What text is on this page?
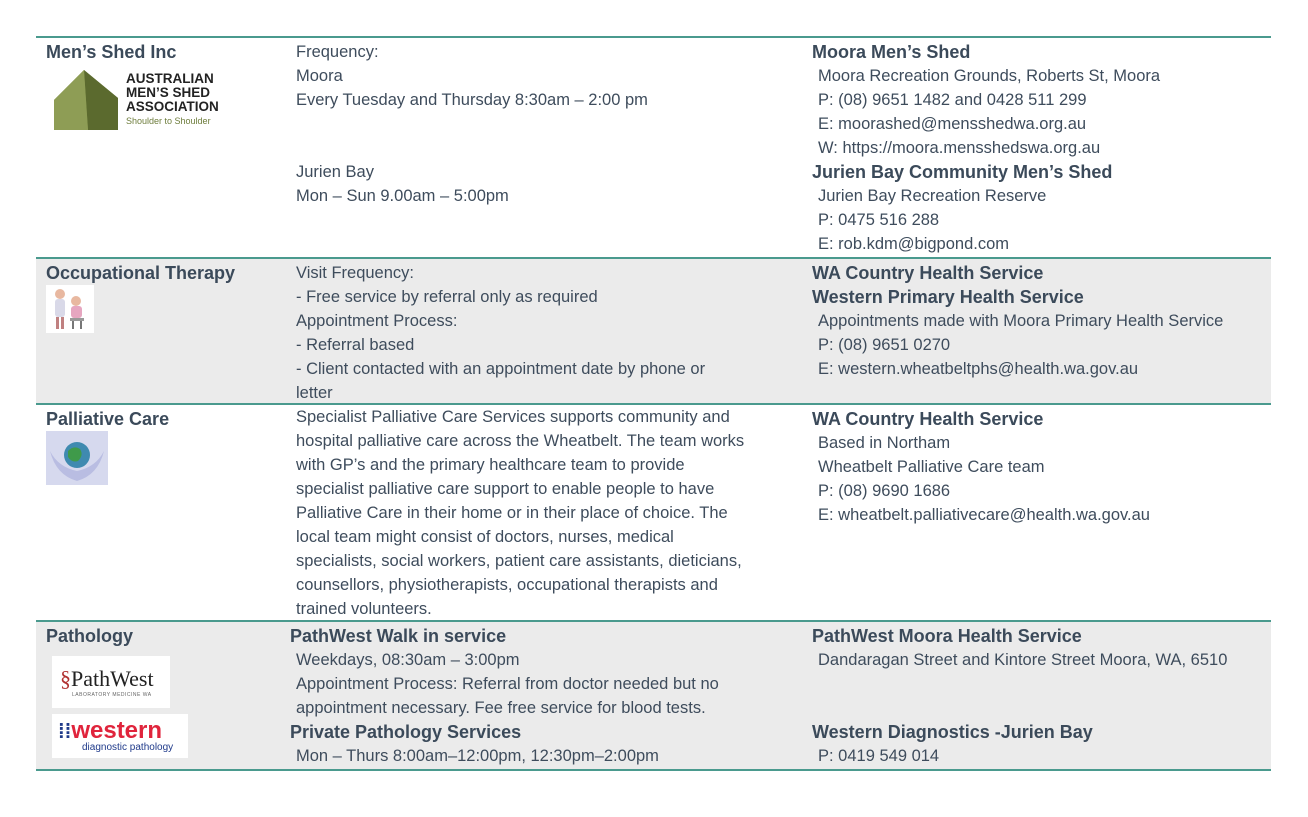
Men’s Shed Inc
AUSTRALIAN
MEN’S SHED
ASSOCIATION
Shoulder to Shoulder
Frequency:
Moora
Every Tuesday and Thursday 8:30am – 2:00 pm
Jurien Bay
Mon – Sun 9.00am – 5:00pm
Moora Men’s Shed
Moora Recreation Grounds, Roberts St, Moora
P: (08) 9651 1482 and 0428 511 299
E: moorashed@mensshedwa.org.au
W: https://moora.mensshedswa.org.au
Jurien Bay Community Men’s Shed
Jurien Bay Recreation Reserve
P: 0475 516 288
E: rob.kdm@bigpond.com
Occupational Therapy	Visit Frequency:
- Free service by referral only as required
Appointment Process:
- Referral based
- Client contacted with an appointment date by phone or
letter
WA Country Health Service
Western Primary Health Service
Appointments made with Moora Primary Health Service
P: (08) 9651 0270
E: western.wheatbeltphs@health.wa.gov.au
Palliative Care	Specialist Palliative Care Services supports community and
hospital palliative care across the Wheatbelt. The team works
with GP’s and the primary healthcare team to provide
specialist palliative care support to enable people to have
Palliative Care in their home or in their place of choice. The
local team might consist of doctors, nurses, medical
specialists, social workers, patient care assistants, dieticians,
counsellors, physiotherapists, occupational therapists and
trained volunteers.
WA Country Health Service
Based in Northam
Wheatbelt Palliative Care team
P: (08) 9690 1686
E: wheatbelt.palliativecare@health.wa.gov.au
Pathology
§PathWest
LABORATORY MEDICINE WA
⁞⁞western
diagnostic pathology
PathWest Walk in service
Weekdays, 08:30am – 3:00pm
Appointment Process: Referral from doctor needed but no
appointment necessary. Fee free service for blood tests.
Private Pathology Services
Mon – Thurs 8:00am–12:00pm, 12:30pm–2:00pm
PathWest Moora Health Service
Dandaragan Street and Kintore Street Moora, WA, 6510
Western Diagnostics -Jurien Bay
P: 0419 549 014
